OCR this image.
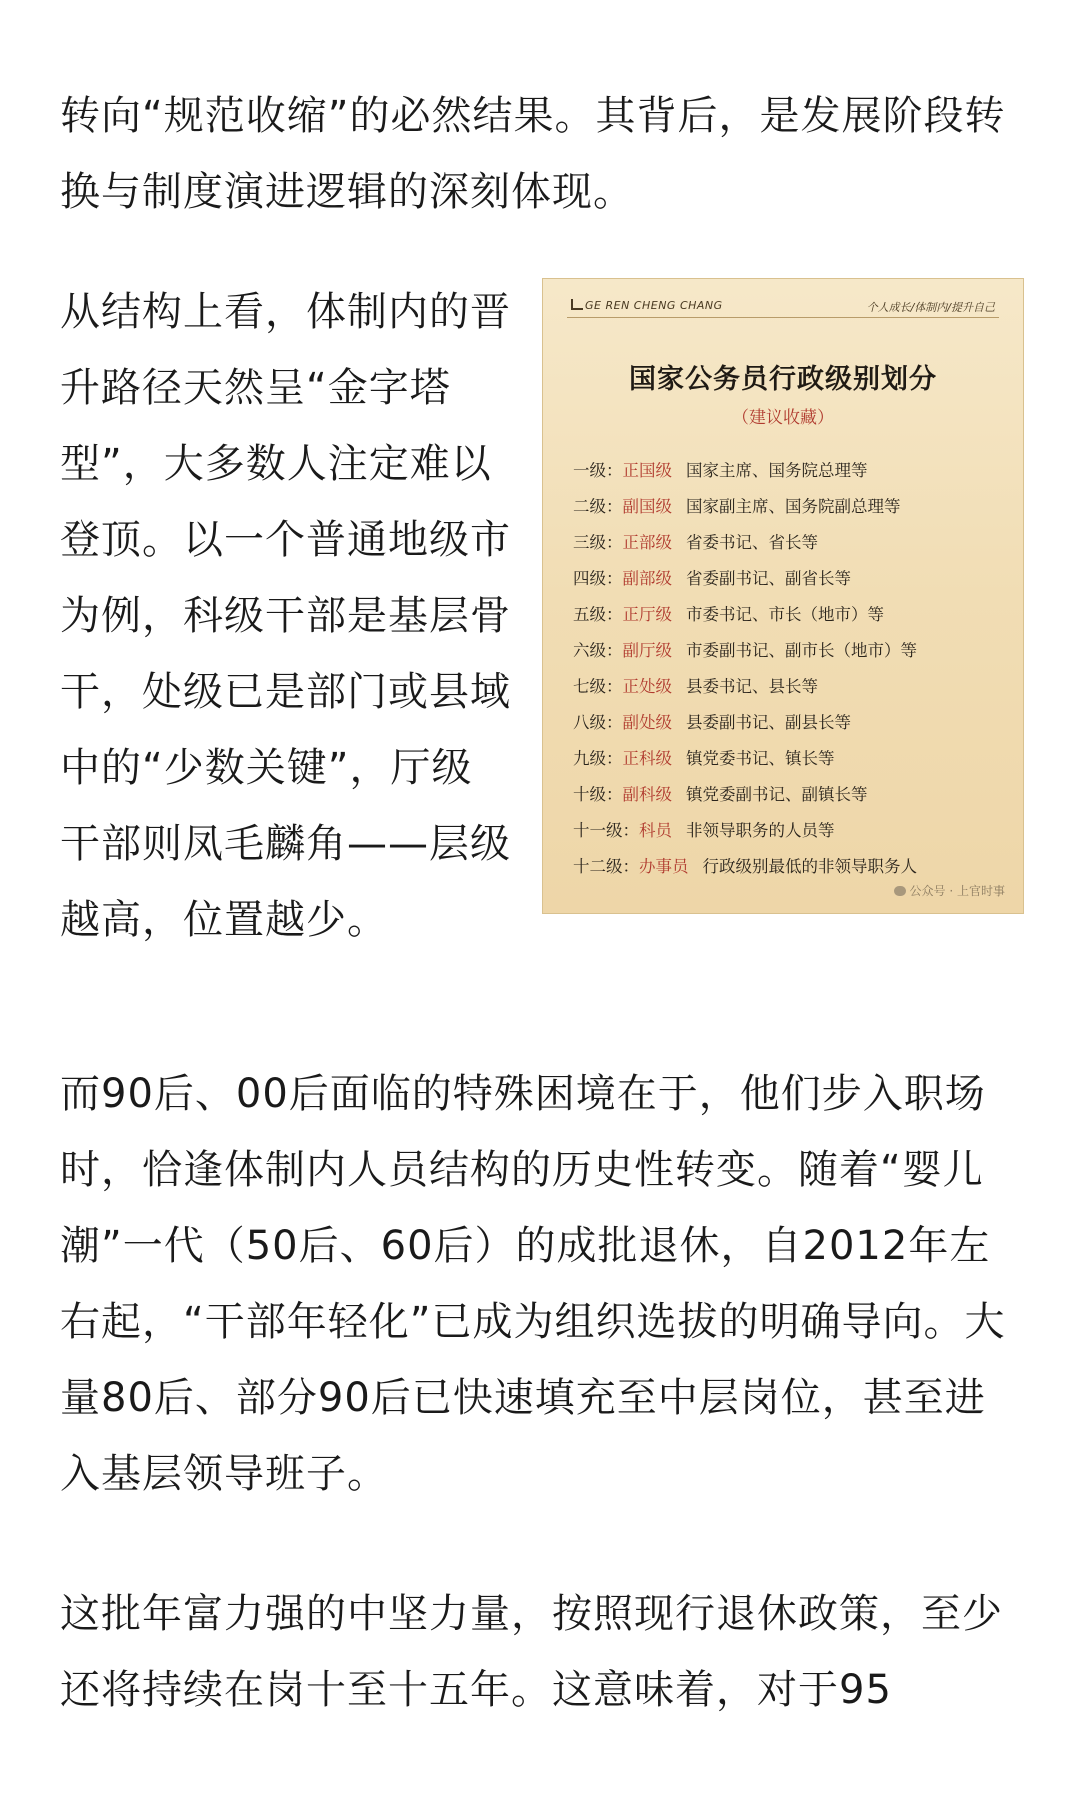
转向“规范收缩”的必然结果。其背后，是发展阶段转换与制度演进逻辑的深刻体现。

从结构上看，体制内的晋升路径天然呈“金字塔型”，大多数人注定难以登顶。以一个普通地级市为例，科级干部是基层骨干，处级已是部门或县域中的“少数关键”，厅级干部则凤毛麟角——层级越高，位置越少。

GE REN CHENG CHANG	个人成长/体制内/提升自己
国家公务员行政级别划分
（建议收藏）
一级：正国级 国家主席、国务院总理等
二级：副国级 国家副主席、国务院副总理等
三级：正部级 省委书记、省长等
四级：副部级 省委副书记、副省长等
五级：正厅级 市委书记、市长（地市）等
六级：副厅级 市委副书记、副市长（地市）等
七级：正处级 县委书记、县长等
八级：副处级 县委副书记、副县长等
九级：正科级 镇党委书记、镇长等
十级：副科级 镇党委副书记、副镇长等
十一级：科员 非领导职务的人员等
十二级：办事员 行政级别最低的非领导职务人
公众号 · 上官时事

而90后、00后面临的特殊困境在于，他们步入职场时，恰逢体制内人员结构的历史性转变。随着“婴儿潮”一代（50后、60后）的成批退休，自2012年左右起，“干部年轻化”已成为组织选拔的明确导向。大量80后、部分90后已快速填充至中层岗位，甚至进入基层领导班子。

这批年富力强的中坚力量，按照现行退休政策，至少还将持续在岗十至十五年。这意味着，对于95
